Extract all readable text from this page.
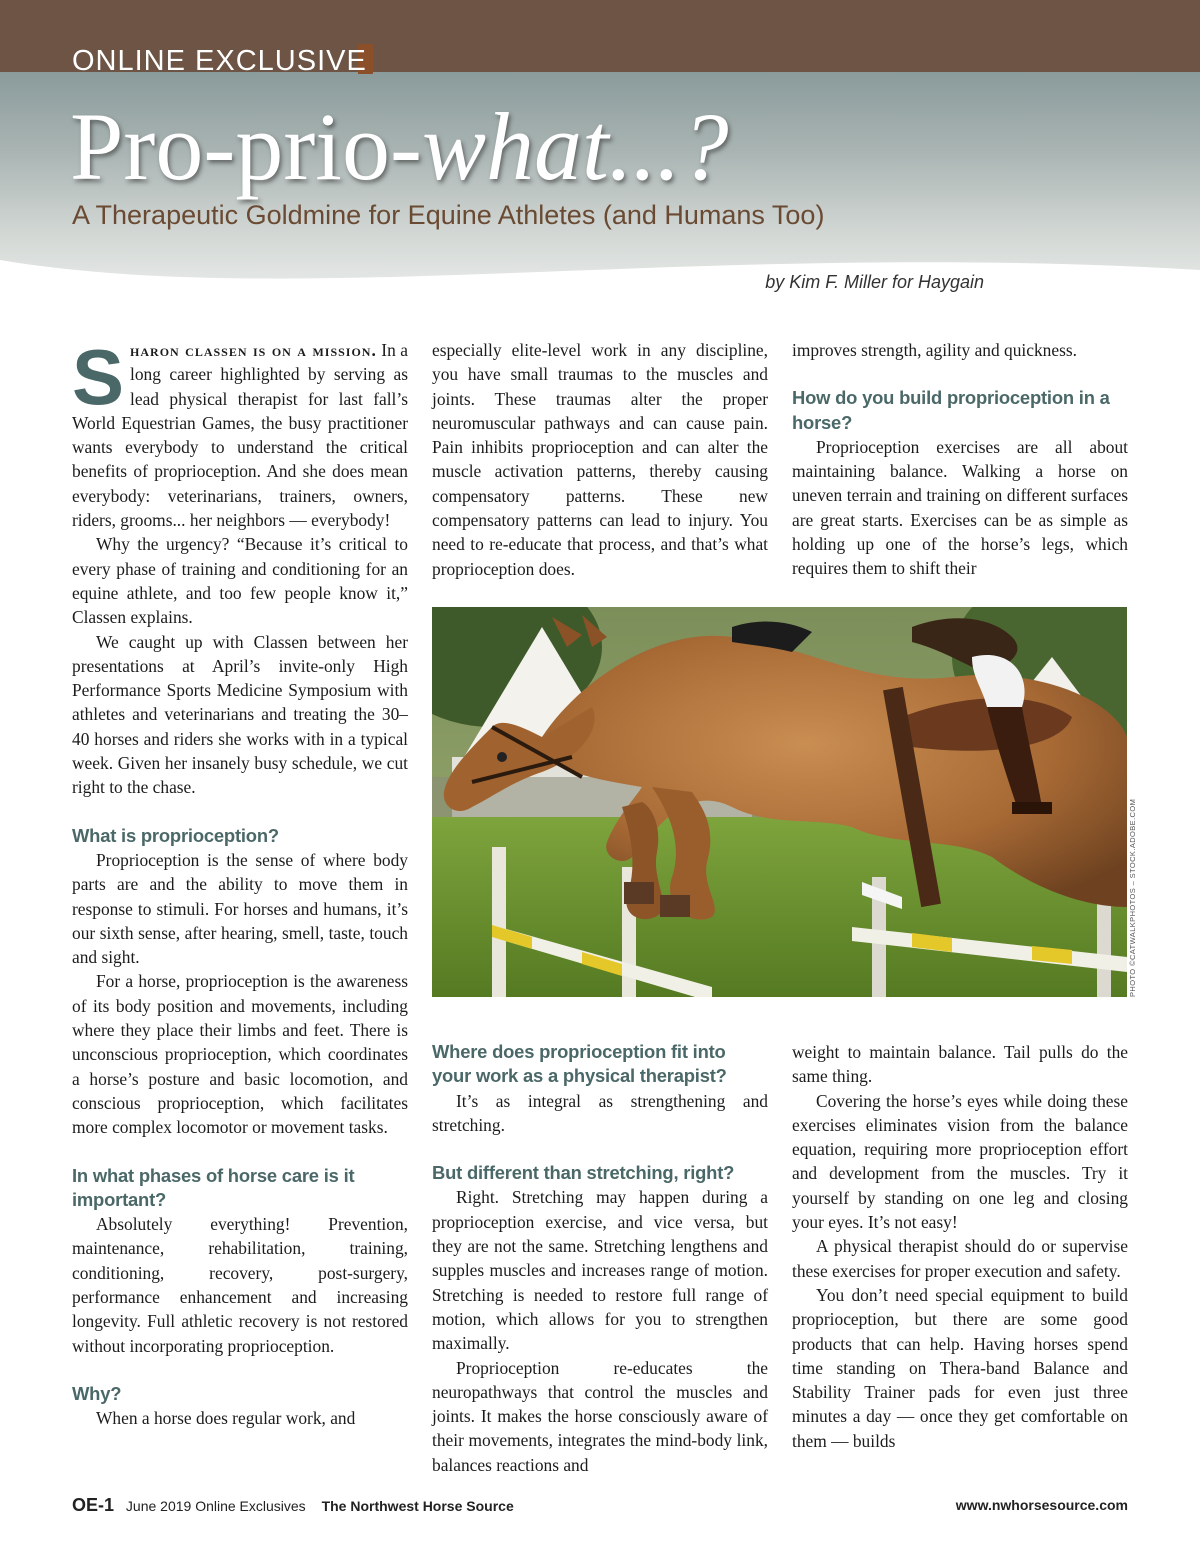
ONLINE EXCLUSIVE
Pro-prio-what...?
A Therapeutic Goldmine for Equine Athletes (and Humans Too)
by Kim F. Miller for Haygain

Sharon classen is on a mission. In a long career highlighted by serving as lead physical therapist for last fall’s World Equestrian Games, the busy practitioner wants everybody to understand the critical benefits of proprioception. And she does mean everybody: veterinarians, trainers, owners, riders, grooms... her neighbors — everybody!

Why the urgency? “Because it’s critical to every phase of training and conditioning for an equine athlete, and too few people know it,” Classen explains.

We caught up with Classen between her presentations at April’s invite-only High Performance Sports Medicine Symposium with athletes and veterinarians and treating the 30–40 horses and riders she works with in a typical week. Given her insanely busy schedule, we cut right to the chase.

What is proprioception?

Proprioception is the sense of where body parts are and the ability to move them in response to stimuli. For horses and humans, it’s our sixth sense, after hearing, smell, taste, touch and sight.

For a horse, proprioception is the awareness of its body position and movements, including where they place their limbs and feet. There is unconscious proprioception, which coordinates a horse’s posture and basic locomotion, and conscious proprioception, which facilitates more complex locomotor or movement tasks.

In what phases of horse care is it important?

Absolutely everything! Prevention, maintenance, rehabilitation, training, conditioning, recovery, post-surgery, performance enhancement and increasing longevity. Full athletic recovery is not restored without incorporating proprioception.

Why?

When a horse does regular work, and

especially elite-level work in any discipline, you have small traumas to the muscles and joints. These traumas alter the proper neuromuscular pathways and can cause pain. Pain inhibits proprioception and can alter the muscle activation patterns, thereby causing compensatory patterns. These new compensatory patterns can lead to injury. You need to re-educate that process, and that’s what proprioception does.

improves strength, agility and quickness.

How do you build proprioception in a horse?

Proprioception exercises are all about maintaining balance. Walking a horse on uneven terrain and training on different surfaces are great starts. Exercises can be as simple as holding up one of the horse’s legs, which requires them to shift their

PHOTO ©CATWALKPHOTOS – STOCK.ADOBE.COM
Where does proprioception fit into your work as a physical therapist?

It’s as integral as strengthening and stretching.

But different than stretching, right?

Right. Stretching may happen during a proprioception exercise, and vice versa, but they are not the same. Stretching lengthens and supples muscles and increases range of motion. Stretching is needed to restore full range of motion, which allows for you to strengthen maximally.

Proprioception re-educates the neuropathways that control the muscles and joints. It makes the horse consciously aware of their movements, integrates the mind-body link, balances reactions and

weight to maintain balance. Tail pulls do the same thing.

Covering the horse’s eyes while doing these exercises eliminates vision from the balance equation, requiring more proprioception effort and development from the muscles. Try it yourself by standing on one leg and closing your eyes. It’s not easy!

A physical therapist should do or supervise these exercises for proper execution and safety.

You don’t need special equipment to build proprioception, but there are some good products that can help. Having horses spend time standing on Thera-band Balance and Stability Trainer pads for even just three minutes a day — once they get comfortable on them — builds

OE-1 June 2019 Online Exclusives The Northwest Horse Source	www.nwhorsesource.com
